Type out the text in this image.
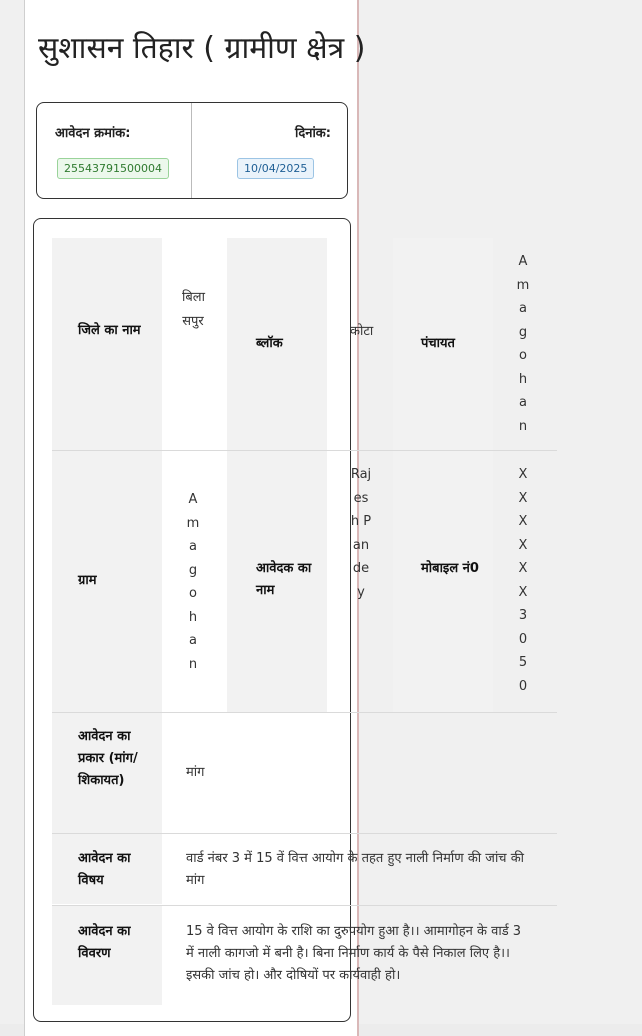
सुशासन तिहार ( ग्रामीण क्षेत्र )
आवेदन क्रमांक:	दिनांक:
25543791500004	10/04/2025
जिले का नाम
बिलासपुर
ब्लॉक
कोटा
पंचायत
Amagohan
ग्राम
Amagohan
आवेदक का नाम
Rajesh Pandey
मोबाइल नं0
XXXXXX3050
आवेदन का प्रकार (मांग/शिकायत)
मांग
आवेदन का विषय
वार्ड नंबर 3 में 15 वें वित्त आयोग के तहत हुए नाली निर्माण की जांच की मांग
आवेदन का विवरण
15 वे वित्त आयोग के राशि का दुरुपयोग हुआ है।। आमागोहन के वार्ड 3 में नाली कागजो में बनी है। बिना निर्माण कार्य के पैसे निकाल लिए है।।इसकी जांच हो। और दोषियों पर कार्यवाही हो।
